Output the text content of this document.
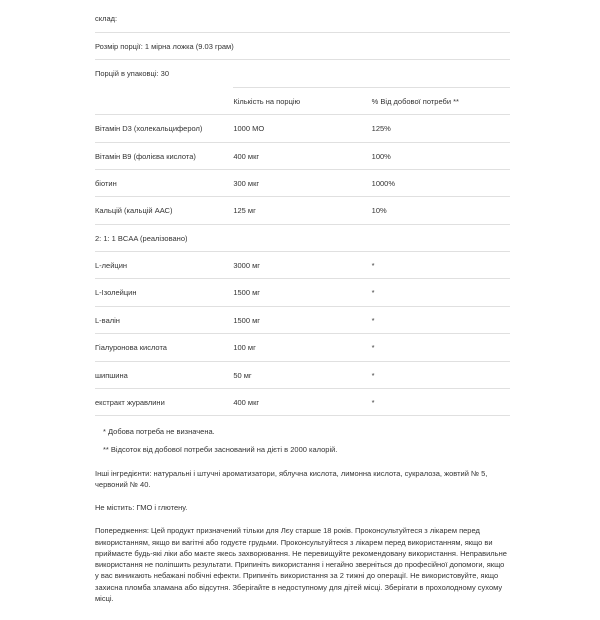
склад:
Розмір порції: 1 мірна ложка (9.03 грам)		
Порцій в упаковці: 30		
	Кількість на порцію	% Від добової потреби **
Вітамін D3 (холекальциферол)	1000 МО	125%
Вітамін B9 (фолієва кислота)	400 мкг	100%
біотин	300 мкг	1000%
Кальцій (кальцій ААС)	125 мг	10%
2: 1: 1 BCAA (реалізовано)		
L-лейцин	3000 мг	*
L-Ізолейцин	1500 мг	*
L-валін	1500 мг	*
Гіалуронова кислота	100 мг	*
шипшина	50 мг	*
екстракт журавлини	400 мкг	*
* Добова потреба не визначена.
** Відсоток від добової потреби заснований на дієті в 2000 калорій.
Інші інгредієнти: натуральні і штучні ароматизатори, яблучна кислота, лимонна кислота, сукралоза, жовтий № 5, червоний № 40.
Не містить: ГМО і глютену.
Попередження: Цей продукт призначений тільки для Лєу старше 18 років. Проконсультуйтеся з лікарем перед використанням, якщо ви вагітні або годуєте грудьми. Проконсультуйтеся з лікарем перед використанням, якщо ви приймаєте будь-які ліки або маєте якесь захворювання. Не перевищуйте рекомендовану використання. Неправильне використання не поліпшить результати. Припиніть використання і негайно зверніться до професійної допомоги, якщо у вас виникають небажані побічні ефекти. Припиніть використання за 2 тижні до операції. Не використовуйте, якщо захисна пломба зламана або відсутня. Зберігайте в недоступному для дітей місці. Зберігати в прохолодному сухому місці.
